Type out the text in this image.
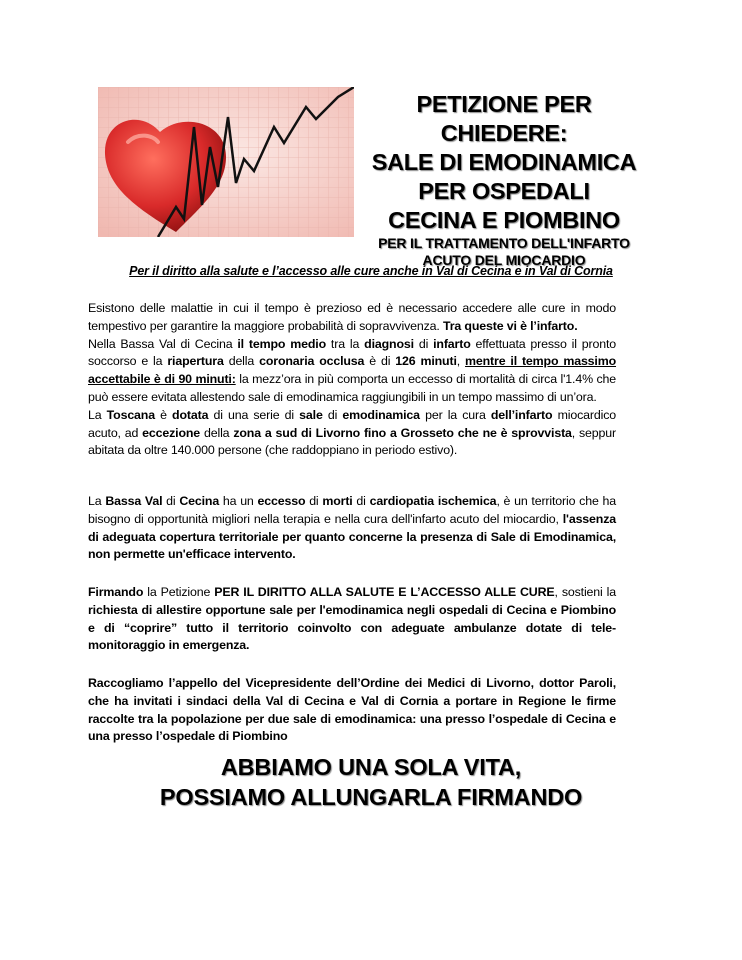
PETIZIONE PER CHIEDERE:
SALE DI EMODINAMICA
PER OSPEDALI
CECINA E PIOMBINO
PER IL TRATTAMENTO DELL'INFARTO
ACUTO DEL MIOCARDIO
Per il diritto alla salute e l’accesso alle cure anche in Val di Cecina e in Val di Cornia

Esistono delle malattie in cui il tempo è prezioso ed è necessario accedere alle cure in modo tempestivo per garantire la maggiore probabilità di sopravvivenza. Tra queste vi è l’infarto.
Nella Bassa Val di Cecina il tempo medio tra la diagnosi di infarto effettuata presso il pronto soccorso e la riapertura della coronaria occlusa è di 126 minuti, mentre il tempo massimo accettabile è di 90 minuti: la mezz’ora in più comporta un eccesso di mortalità di circa l'1.4% che può essere evitata allestendo sale di emodinamica raggiungibili in un tempo massimo di un’ora.

La Toscana è dotata di una serie di sale di emodinamica per la cura dell’infarto miocardico acuto, ad eccezione della zona a sud di Livorno fino a Grosseto che ne è sprovvista, seppur abitata da oltre 140.000 persone (che raddoppiano in periodo estivo).

La Bassa Val di Cecina ha un eccesso di morti di cardiopatia ischemica, è un territorio che ha bisogno di opportunità migliori nella terapia e nella cura dell'infarto acuto del miocardio, l'assenza di adeguata copertura territoriale per quanto concerne la presenza di Sale di Emodinamica, non permette un'efficace intervento.

Firmando la Petizione PER IL DIRITTO ALLA SALUTE E L’ACCESSO ALLE CURE, sostieni la richiesta di allestire opportune sale per l'emodinamica negli ospedali di Cecina e Piombino e di “coprire” tutto il territorio coinvolto con adeguate ambulanze dotate di tele-monitoraggio in emergenza.

Raccogliamo l’appello del Vicepresidente dell’Ordine dei Medici di Livorno, dottor Paroli, che ha invitati i sindaci della Val di Cecina e Val di Cornia a portare in Regione le firme raccolte tra la popolazione per due sale di emodinamica: una presso l’ospedale di Cecina e una presso l’ospedale di Piombino

ABBIAMO UNA SOLA VITA,
POSSIAMO ALLUNGARLA FIRMANDO
